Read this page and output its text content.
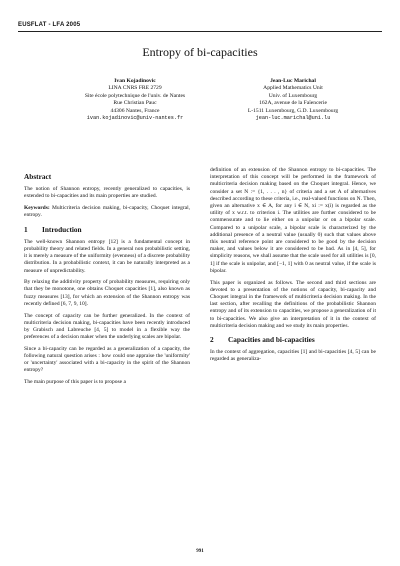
EUSFLAT - LFA 2005
Entropy of bi-capacities
Ivan Kojadinovic
LINA CNRS FRE 2729
Site école polytechnique de l'univ. de Nantes
Rue Christian Pauc
44306 Nantes, France
ivan.kojadinovic@univ-nantes.fr
Jean-Luc Marichal
Applied Mathematics Unit
Univ. of Luxembourg
162A, avenue de la Faïencerie
L-1511 Luxembourg, G.D. Luxembourg
jean-luc.marichal@uni.lu
Abstract

The notion of Shannon entropy, recently generalized to capacities, is extended to bi-capacities and its main properties are studied.

Keywords: Multicriteria decision making, bi-capacity, Choquet integral, entropy.

1 Introduction

The well-known Shannon entropy [12] is a fundamental concept in probability theory and related fields. In a general non probabilistic setting, it is merely a measure of the uniformity (evenness) of a discrete probability distribution. In a probabilistic context, it can be naturally interpreted as a measure of unpredictability.

By relaxing the additivity property of probability measures, requiring only that they be monotone, one obtains Choquet capacities [1], also known as fuzzy measures [13], for which an extension of the Shannon entropy was recently defined [6, 7, 9, 10].

The concept of capacity can be further generalized. In the context of multicriteria decision making, bi-capacities have been recently introduced by Grabisch and Labreuche [4, 5] to model in a flexible way the preferences of a decision maker when the underlying scales are bipolar.

Since a bi-capacity can be regarded as a generalization of a capacity, the following natural question arises : how could one appraise the 'uniformity' or 'uncertainty' associated with a bi-capacity in the spirit of the Shannon entropy?

The main purpose of this paper is to propose a

definition of an extension of the Shannon entropy to bi-capacities. The interpretation of this concept will be performed in the framework of multicriteria decision making based on the Choquet integral. Hence, we consider a set N := {1, . . . , n} of criteria and a set A of alternatives described according to these criteria, i.e., real-valued functions on N. Then, given an alternative x ∈ A, for any i ∈ N, xi := x(i) is regarded as the utility of x w.r.t. to criterion i. The utilities are further considered to be commensurate and to lie either on a unipolar or on a bipolar scale. Compared to a unipolar scale, a bipolar scale is characterized by the additional presence of a neutral value (usually 0) such that values above this neutral reference point are considered to be good by the decision maker, and values below it are considered to be bad. As in [4, 5], for simplicity reasons, we shall assume that the scale used for all utilities is [0, 1] if the scale is unipolar, and [−1, 1] with 0 as neutral value, if the scale is bipolar.

This paper is organized as follows. The second and third sections are devoted to a presentation of the notions of capacity, bi-capacity and Choquet integral in the framework of multicriteria decision making. In the last section, after recalling the definitions of the probabilistic Shannon entropy and of its extension to capacities, we propose a generalization of it to bi-capacities. We also give an interpretation of it in the context of multicriteria decision making and we study its main properties.

2 Capacities and bi-capacities

In the context of aggregation, capacities [1] and bi-capacities [4, 5] can be regarded as generaliza-

991
